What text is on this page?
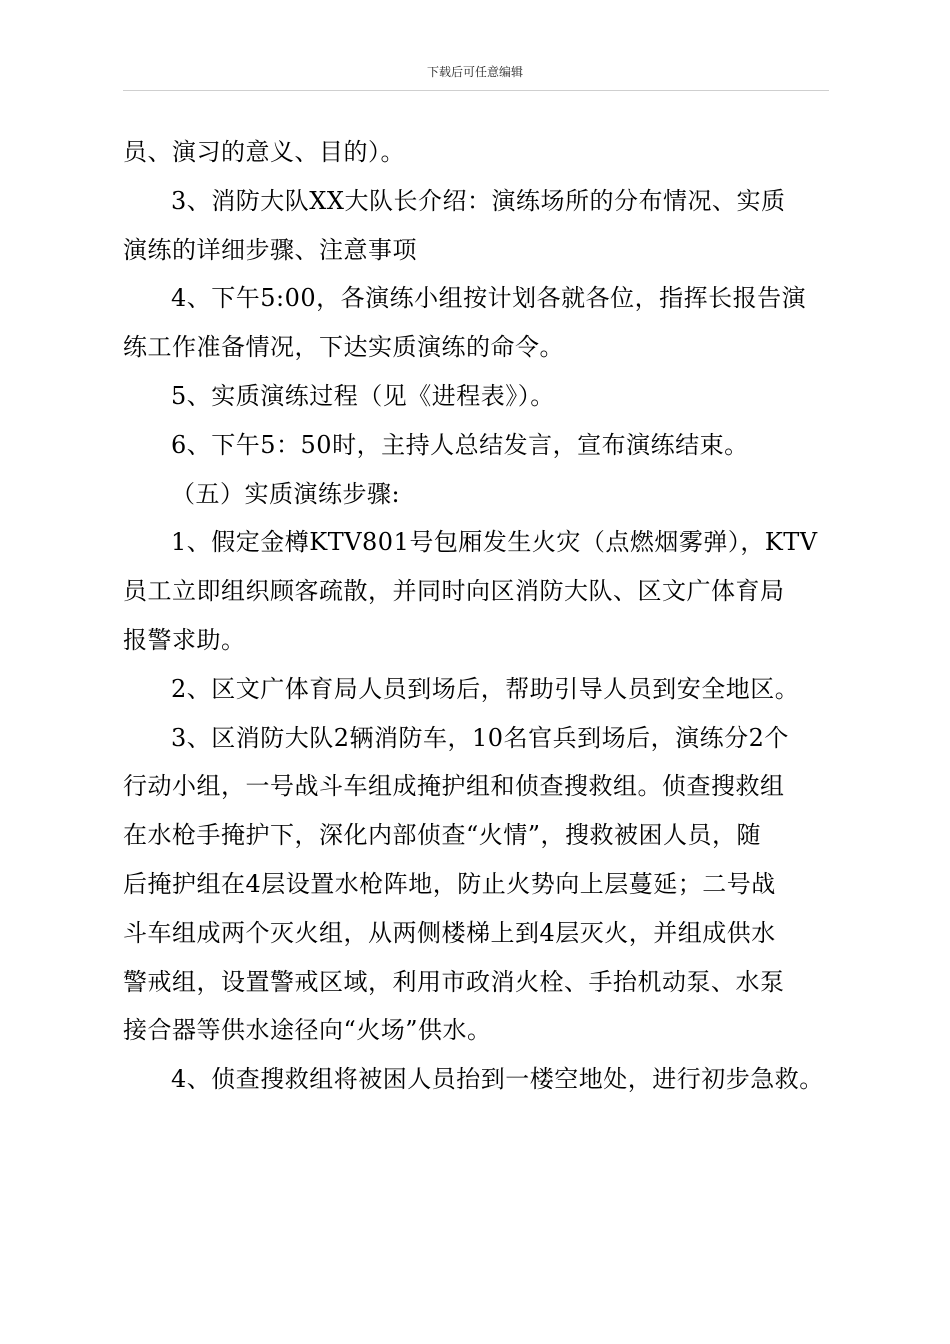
下载后可任意编辑

员、演习的意义、目的）。

3、消防大队XX大队长介绍：演练场所的分布情况、实质

演练的详细步骤、注意事项

4、下午5:00，各演练小组按计划各就各位，指挥长报告演

练工作准备情况，下达实质演练的命令。

5、实质演练过程（见《进程表》）。

6、下午5：50时，主持人总结发言，宣布演练结束。

（五）实质演练步骤:

1、假定金樽KTV801号包厢发生火灾（点燃烟雾弹），KTV

员工立即组织顾客疏散，并同时向区消防大队、区文广体育局

报警求助。

2、区文广体育局人员到场后，帮助引导人员到安全地区。

3、区消防大队2辆消防车，10名官兵到场后，演练分2个

行动小组，一号战斗车组成掩护组和侦查搜救组。侦查搜救组

在水枪手掩护下，深化内部侦查“火情”，搜救被困人员，随

后掩护组在4层设置水枪阵地，防止火势向上层蔓延；二号战

斗车组成两个灭火组，从两侧楼梯上到4层灭火，并组成供水

警戒组，设置警戒区域，利用市政消火栓、手抬机动泵、水泵

接合器等供水途径向“火场”供水。

4、侦查搜救组将被困人员抬到一楼空地处，进行初步急救。
